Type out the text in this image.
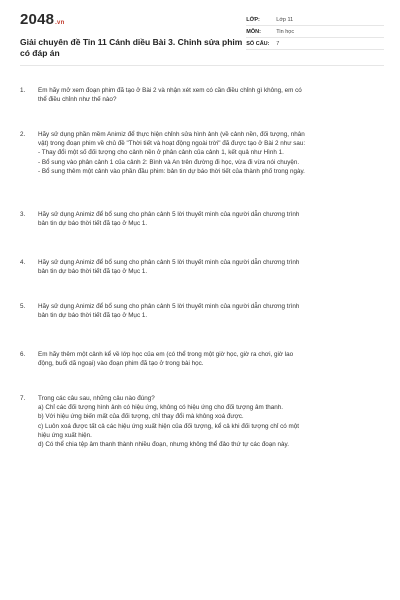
2048.vn
Giải chuyên đề Tin 11 Cánh diều Bài 3. Chỉnh sửa phim có đáp án
LỚP:	Lớp 11
MÔN:	Tin học
SỐ CÂU:	7
1.	Em hãy mở xem đoạn phim đã tạo ở Bài 2 và nhận xét xem có cần điều chỉnh gì không, em có
thể điều chỉnh như thế nào?
2.	Hãy sử dụng phần mềm Animiz để thực hiện chỉnh sửa hình ảnh (về cảnh nền, đối tượng, nhân
vật) trong đoạn phim về chủ đề "Thời tiết và hoạt động ngoài trời" đã được tạo ở Bài 2 như sau:
- Thay đổi một số đối tượng cho cảnh nền ở phân cảnh của cảnh 1, kết quả như Hình 1.
- Bổ sung vào phân cảnh 1 của cảnh 2: Bình và An trên đường đi học, vừa đi vừa nói chuyện.
- Bổ sung thêm một cảnh vào phần đầu phim: bản tin dự báo thời tiết của thành phố trong ngày.
3.	Hãy sử dụng Animiz để bổ sung cho phân cảnh 5 lời thuyết minh của người dẫn chương trình
bản tin dự báo thời tiết đã tạo ở Mục 1.
4.	Hãy sử dụng Animiz để bổ sung cho phân cảnh 5 lời thuyết minh của người dẫn chương trình
bản tin dự báo thời tiết đã tạo ở Mục 1.
5.	Hãy sử dụng Animiz để bổ sung cho phân cảnh 5 lời thuyết minh của người dẫn chương trình
bản tin dự báo thời tiết đã tạo ở Mục 1.
6.	Em hãy thêm một cảnh kể về lớp học của em (có thể trong một giờ học, giờ ra chơi, giờ lao
động, buổi dã ngoại) vào đoạn phim đã tạo ở trong bài học.
7.	Trong các câu sau, những câu nào đúng?
a) Chỉ các đối tượng hình ảnh có hiệu ứng, không có hiệu ứng cho đối tượng âm thanh.
b) Với hiệu ứng biến mất của đối tượng, chỉ thay đổi mà không xoá được.
c) Luôn xoá được tất cả các hiệu ứng xuất hiện của đối tượng, kể cả khi đối tượng chỉ có một
hiệu ứng xuất hiện.
d) Có thể chia tệp âm thanh thành nhiều đoạn, nhưng không thể đảo thứ tự các đoạn này.
